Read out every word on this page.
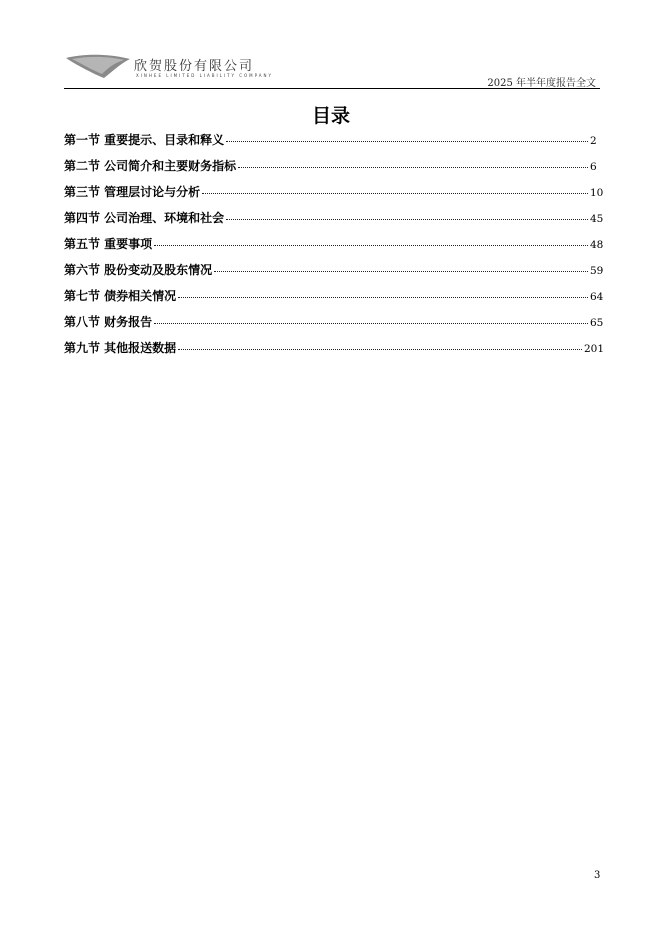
欣贺股份有限公司
XINHEE LIMITED LIABILITY COMPANY
2025 年半年度报告全文
目录
第一节 重要提示、目录和释义	2
第二节 公司简介和主要财务指标	6
第三节 管理层讨论与分析	10
第四节 公司治理、环境和社会	45
第五节 重要事项	48
第六节 股份变动及股东情况	59
第七节 债券相关情况	64
第八节 财务报告	65
第九节 其他报送数据	201
3
